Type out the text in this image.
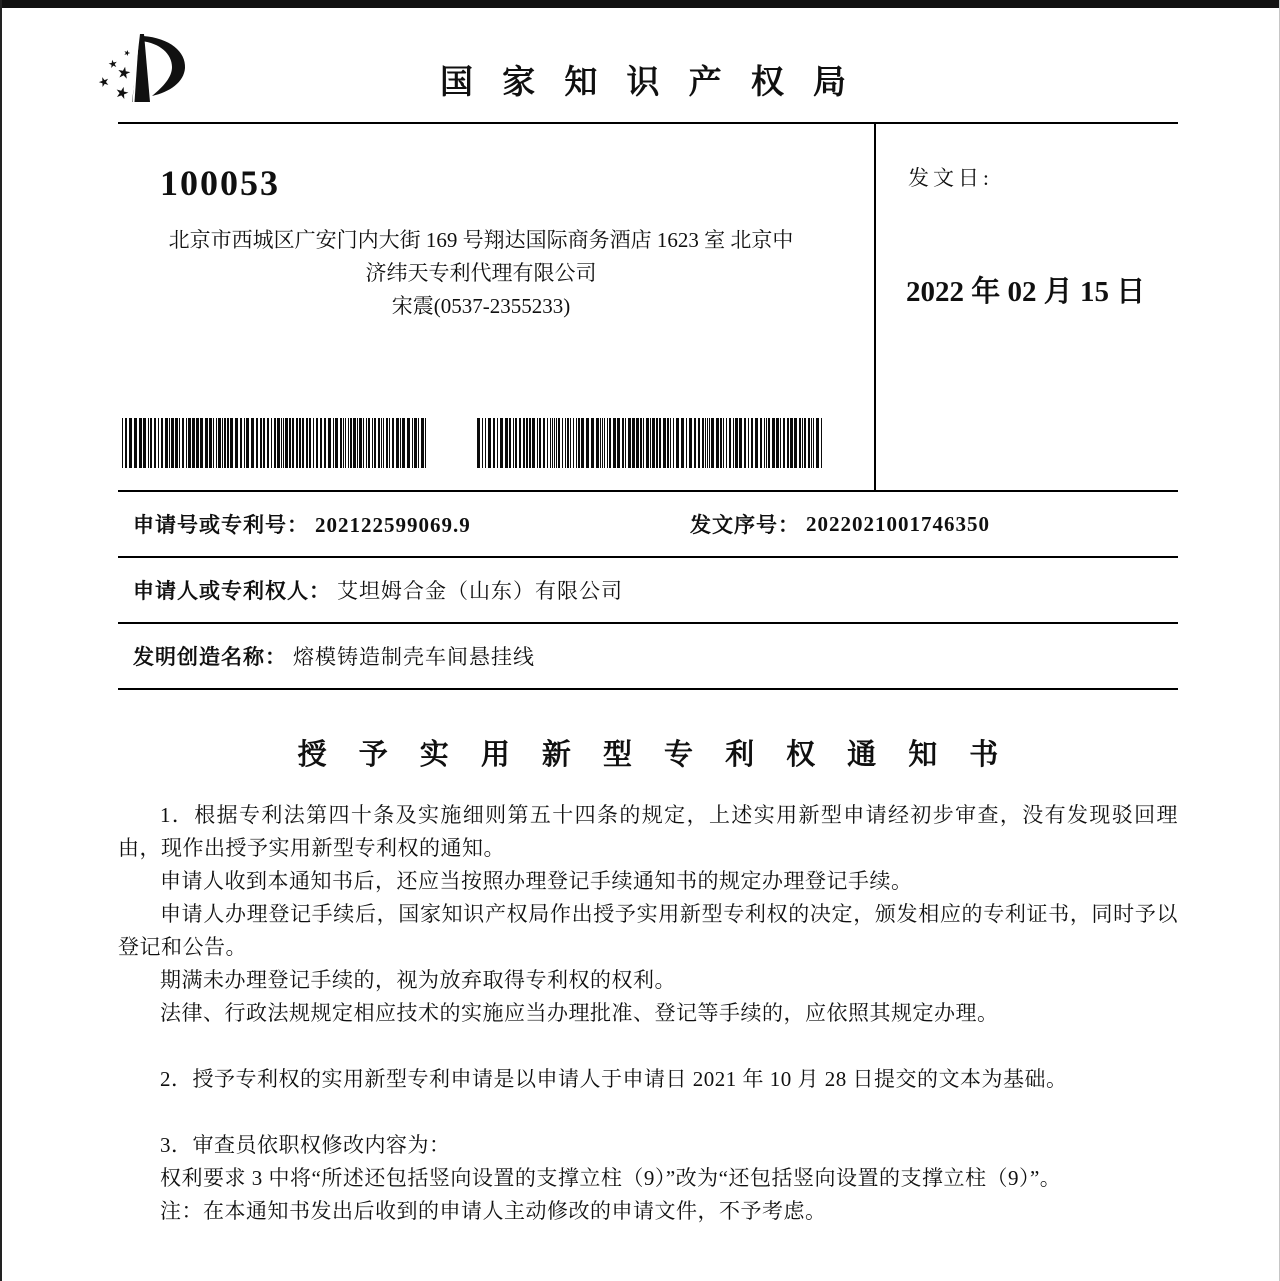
国 家 知 识 产 权 局
100053
北京市西城区广安门内大街 169 号翔达国际商务酒店 1623 室 北京中
济纬天专利代理有限公司
宋震(0537-2355233)
发文日:
2022 年 02 月 15 日
申请号或专利号： 202122599069.9	发文序号： 2022021001746350
申请人或专利权人： 艾坦姆合金（山东）有限公司
发明创造名称： 熔模铸造制壳车间悬挂线
授 予 实 用 新 型 专 利 权 通 知 书

1．根据专利法第四十条及实施细则第五十四条的规定，上述实用新型申请经初步审查，没有发现驳回理由，现作出授予实用新型专利权的通知。

申请人收到本通知书后，还应当按照办理登记手续通知书的规定办理登记手续。

申请人办理登记手续后，国家知识产权局作出授予实用新型专利权的决定，颁发相应的专利证书，同时予以登记和公告。

期满未办理登记手续的，视为放弃取得专利权的权利。

法律、行政法规规定相应技术的实施应当办理批准、登记等手续的，应依照其规定办理。

2．授予专利权的实用新型专利申请是以申请人于申请日 2021 年 10 月 28 日提交的文本为基础。

3．审查员依职权修改内容为：

权利要求 3 中将“所述还包括竖向设置的支撑立柱（9）”改为“还包括竖向设置的支撑立柱（9）”。

注：在本通知书发出后收到的申请人主动修改的申请文件，不予考虑。
